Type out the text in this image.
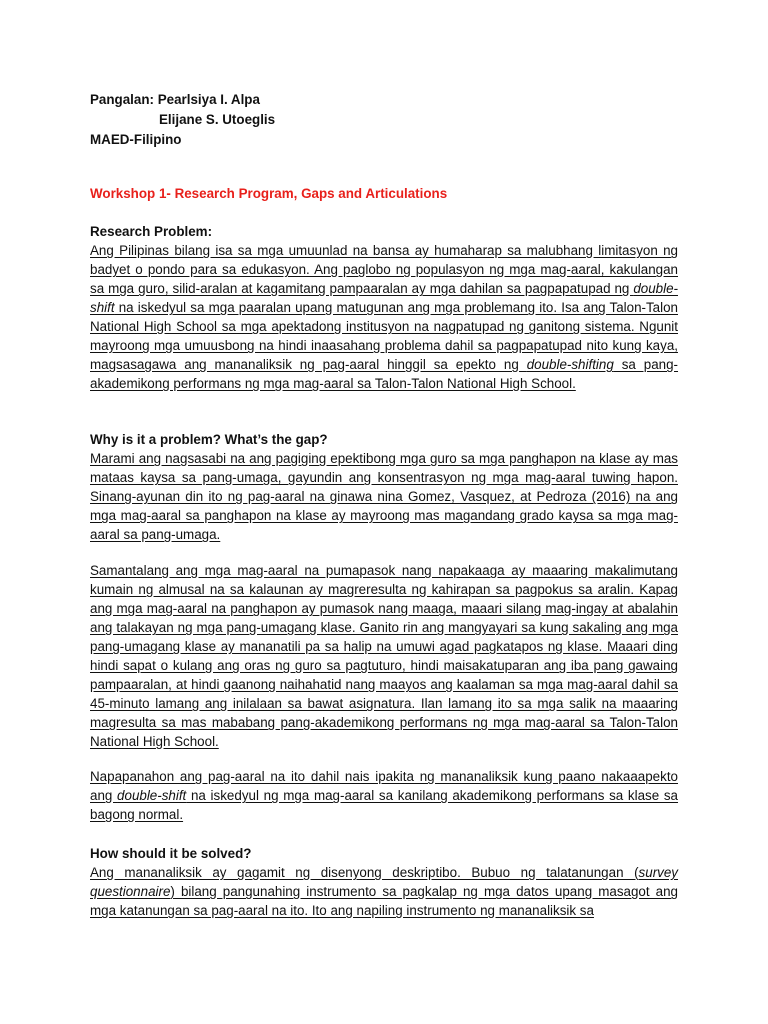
Pangalan: Pearlsiya I. Alpa
Elijane S. Utoeglis
MAED-Filipino
Workshop 1- Research Program, Gaps and Articulations
Research Problem:

Ang Pilipinas bilang isa sa mga umuunlad na bansa ay humaharap sa malubhang limitasyon ng badyet o pondo para sa edukasyon. Ang paglobo ng populasyon ng mga mag-aaral, kakulangan sa mga guro, silid-aralan at kagamitang pampaaralan ay mga dahilan sa pagpapatupad ng double-shift na iskedyul sa mga paaralan upang matugunan ang mga problemang ito. Isa ang Talon-Talon National High School sa mga apektadong institusyon na nagpatupad ng ganitong sistema. Ngunit mayroong mga umuusbong na hindi inaasahang problema dahil sa pagpapatupad nito kung kaya, magsasagawa ang mananaliksik ng pag-aaral hinggil sa epekto ng double-shifting sa pang-akademikong performans ng mga mag-aaral sa Talon-Talon National High School.

Why is it a problem? What’s the gap?

Marami ang nagsasabi na ang pagiging epektibong mga guro sa mga panghapon na klase ay mas mataas kaysa sa pang-umaga, gayundin ang konsentrasyon ng mga mag-aaral tuwing hapon. Sinang-ayunan din ito ng pag-aaral na ginawa nina Gomez, Vasquez, at Pedroza (2016) na ang mga mag-aaral sa panghapon na klase ay mayroong mas magandang grado kaysa sa mga mag-aaral sa pang-umaga.

Samantalang ang mga mag-aaral na pumapasok nang napakaaga ay maaaring makalimutang kumain ng almusal na sa kalaunan ay magreresulta ng kahirapan sa pagpokus sa aralin. Kapag ang mga mag-aaral na panghapon ay pumasok nang maaga, maaari silang mag-ingay at abalahin ang talakayan ng mga pang-umagang klase. Ganito rin ang mangyayari sa kung sakaling ang mga pang-umagang klase ay mananatili pa sa halip na umuwi agad pagkatapos ng klase. Maaari ding hindi sapat o kulang ang oras ng guro sa pagtuturo, hindi maisakatuparan ang iba pang gawaing pampaaralan, at hindi gaanong naihahatid nang maayos ang kaalaman sa mga mag-aaral dahil sa 45-minuto lamang ang inilalaan sa bawat asignatura. Ilan lamang ito sa mga salik na maaaring magresulta sa mas mababang pang-akademikong performans ng mga mag-aaral sa Talon-Talon National High School.

Napapanahon ang pag-aaral na ito dahil nais ipakita ng mananaliksik kung paano nakaaapekto ang double-shift na iskedyul ng mga mag-aaral sa kanilang akademikong performans sa klase sa bagong normal.

How should it be solved?

Ang mananaliksik ay gagamit ng disenyong deskriptibo. Bubuo ng talatanungan (survey questionnaire) bilang pangunahing instrumento sa pagkalap ng mga datos upang masagot ang mga katanungan sa pag-aaral na ito. Ito ang napiling instrumento ng mananaliksik sa
